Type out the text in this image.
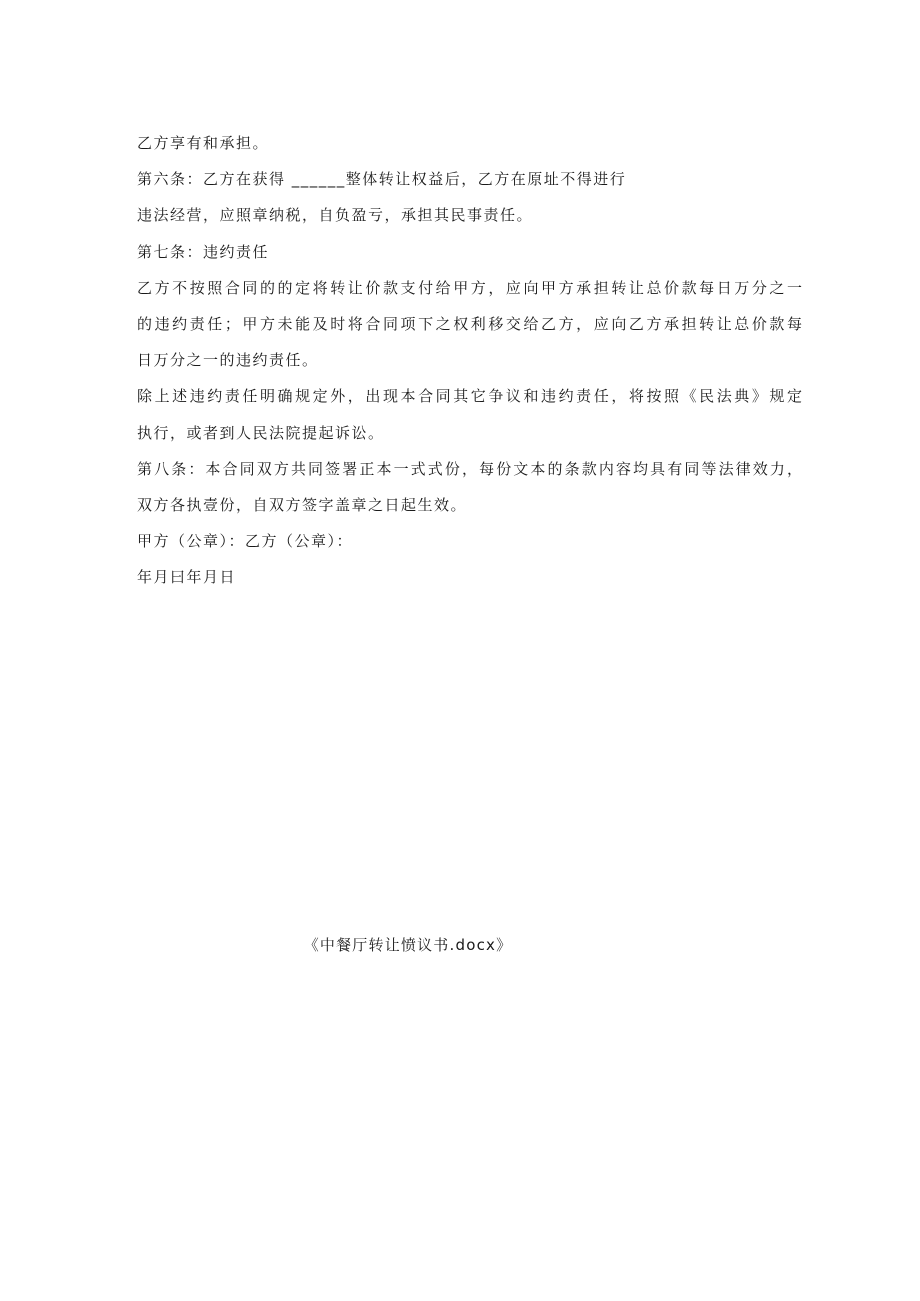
乙方享有和承担。
第六条：乙方在获得 ______整体转让权益后，乙方在原址不得进行
违法经营，应照章纳税，自负盈亏，承担其民事责任。
第七条：违约责任
乙方不按照合同的的定将转让价款支付给甲方，应向甲方承担转让总价款每日万分之一
的违约责任；甲方未能及时将合同项下之权利移交给乙方，应向乙方承担转让总价款每
日万分之一的违约责任。
除上述违约责任明确规定外，出现本合同其它争议和违约责任，将按照《民法典》规定
执行，或者到人民法院提起诉讼。
第八条：本合同双方共同签署正本一式式份，每份文本的条款内容均具有同等法律效力，
双方各执壹份，自双方签字盖章之日起生效。
甲方（公章）：乙方（公章）：
年月曰年月日
《中餐厅转让愤议书.docx》
